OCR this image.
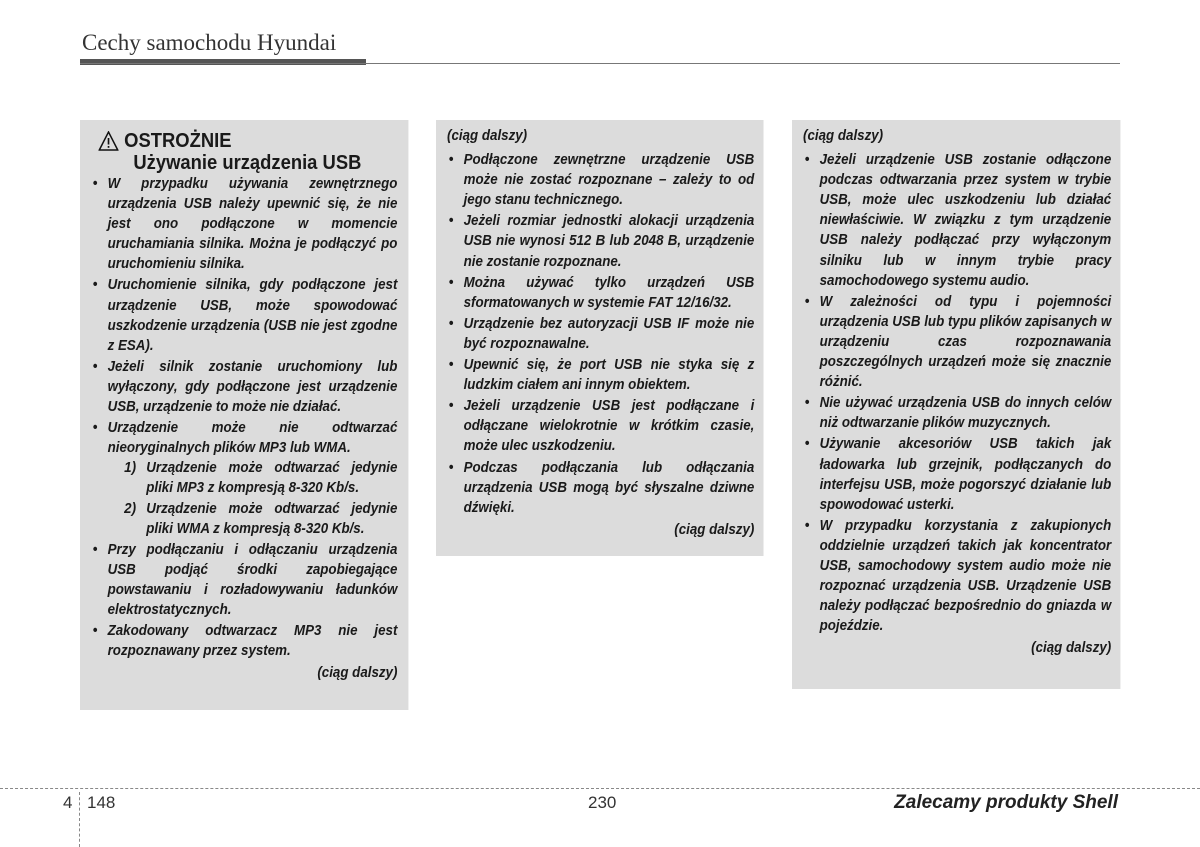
Cechy samochodu Hyundai
OSTROŻNIE
Używanie urządzenia USB
• W przypadku używania zewnętrznego urządzenia USB należy upewnić się, że nie jest ono podłączone w momencie uruchamiania silnika. Można je podłączyć po uruchomieniu silnika.
• Uruchomienie silnika, gdy podłączone jest urządzenie USB, może spowodować uszkodzenie urządzenia (USB nie jest zgodne z ESA).
• Jeżeli silnik zostanie uruchomiony lub wyłączony, gdy podłączone jest urządzenie USB, urządzenie to może nie działać.
• Urządzenie może nie odtwarzać nieoryginalnych plików MP3 lub WMA.
1) Urządzenie może odtwarzać jedynie pliki MP3 z kompresją 8-320 Kb/s.
2) Urządzenie może odtwarzać jedynie pliki WMA z kompresją 8-320 Kb/s.
• Przy podłączaniu i odłączaniu urządzenia USB podjąć środki zapobiegające powstawaniu i rozładowywaniu ładunków elektrostatycznych.
• Zakodowany odtwarzacz MP3 nie jest rozpoznawany przez system.
(ciąg dalszy)
(ciąg dalszy)
• Podłączone zewnętrzne urządzenie USB może nie zostać rozpoznane – zależy to od jego stanu technicznego.
• Jeżeli rozmiar jednostki alokacji urządzenia USB nie wynosi 512 B lub 2048 B, urządzenie nie zostanie rozpoznane.
• Można używać tylko urządzeń USB sformatowanych w systemie FAT 12/16/32.
• Urządzenie bez autoryzacji USB IF może nie być rozpoznawalne.
• Upewnić się, że port USB nie styka się z ludzkim ciałem ani innym obiektem.
• Jeżeli urządzenie USB jest podłączane i odłączane wielokrotnie w krótkim czasie, może ulec uszkodzeniu.
• Podczas podłączania lub odłączania urządzenia USB mogą być słyszalne dziwne dźwięki.
(ciąg dalszy)
(ciąg dalszy)
• Jeżeli urządzenie USB zostanie odłączone podczas odtwarzania przez system w trybie USB, może ulec uszkodzeniu lub działać niewłaściwie. W związku z tym urządzenie USB należy podłączać przy wyłączonym silniku lub w innym trybie pracy samochodowego systemu audio.
• W zależności od typu i pojemności urządzenia USB lub typu plików zapisanych w urządzeniu czas rozpoznawania poszczególnych urządzeń może się znacznie różnić.
• Nie używać urządzenia USB do innych celów niż odtwarzanie plików muzycznych.
• Używanie akcesoriów USB takich jak ładowarka lub grzejnik, podłączanych do interfejsu USB, może pogorszyć działanie lub spowodować usterki.
• W przypadku korzystania z zakupionych oddzielnie urządzeń takich jak koncentrator USB, samochodowy system audio może nie rozpoznać urządzenia USB. Urządzenie USB należy podłączać bezpośrednio do gniazda w pojeździe.
(ciąg dalszy)
4 148	230	Zalecamy produkty Shell
